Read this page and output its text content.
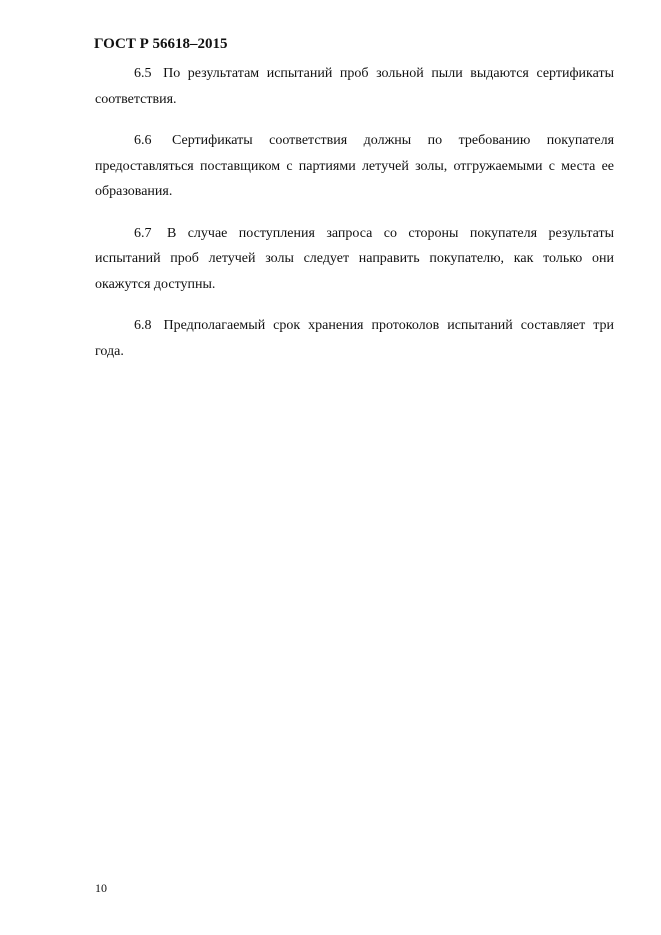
ГОСТ Р 56618–2015

6.5 По результатам испытаний проб зольной пыли выдаются сертификаты соответствия.

6.6 Сертификаты соответствия должны по требованию покупателя предоставляться поставщиком с партиями летучей золы, отгружаемыми с места ее образования.

6.7 В случае поступления запроса со стороны покупателя результаты испытаний проб летучей золы следует направить покупателю, как только они окажутся доступны.

6.8 Предполагаемый срок хранения протоколов испытаний составляет три года.

10
